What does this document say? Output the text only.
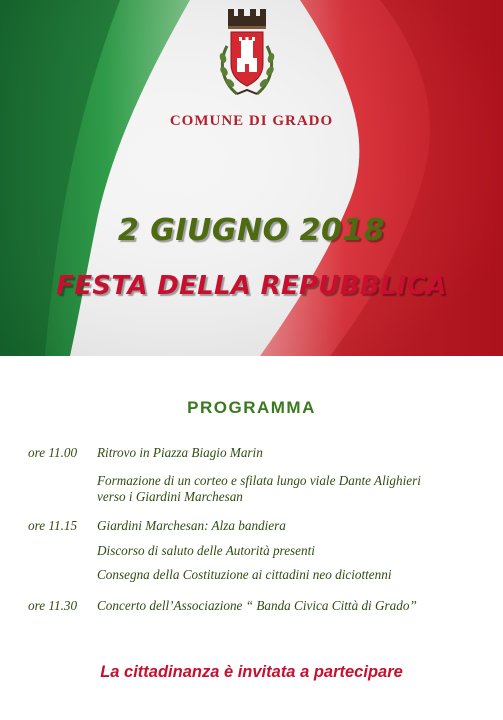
COMUNE DI GRADO
2 GIUGNO 2018
FESTA DELLA REPUBBLICA
PROGRAMMA
ore 11.00 Ritrovo in Piazza Biagio Marin
Formazione di un corteo e sfilata lungo viale Dante Alighieri
verso i Giardini Marchesan
ore 11.15 Giardini Marchesan: Alza bandiera
Discorso di saluto delle Autorità presenti
Consegna della Costituzione ai cittadini neo diciottenni
ore 11.30 Concerto dell’Associazione “ Banda Civica Città di Grado”
La cittadinanza è invitata a partecipare
